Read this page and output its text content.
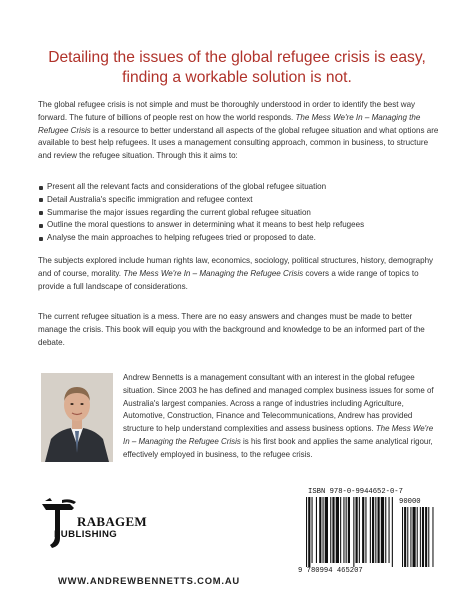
Detailing the issues of the global refugee crisis is easy,
finding a workable solution is not.

The global refugee crisis is not simple and must be thoroughly understood in order to identify the best way forward. The future of billions of people rest on how the world responds. The Mess We're In – Managing the Refugee Crisis is a resource to better understand all aspects of the global refugee situation and what options are available to best help refugees. It uses a management consulting approach, common in business, to structure and review the refugee situation. Through this it aims to:

Present all the relevant facts and considerations of the global refugee situation
Detail Australia's specific immigration and refugee context
Summarise the major issues regarding the current global refugee situation
Outline the moral questions to answer in determining what it means to best help refugees
Analyse the main approaches to helping refugees tried or proposed to date.

The subjects explored include human rights law, economics, sociology, political structures, history, demography and of course, morality. The Mess We're In – Managing the Refugee Crisis covers a wide range of topics to provide a full landscape of considerations.

The current refugee situation is a mess. There are no easy answers and changes must be made to better manage the crisis. This book will equip you with the background and knowledge to be an informed part of the debate.

Andrew Bennetts is a management consultant with an interest in the global refugee situation. Since 2003 he has defined and managed complex business issues for some of Australia's largest companies. Across a range of industries including Agriculture, Automotive, Construction, Finance and Telecommunications, Andrew has provided structure to help understand complexities and assess business options. The Mess We're In – Managing the Refugee Crisis is his first book and applies the same analytical rigour, effectively employed in business, to the refugee crisis.

RABAGEM
PUBLISHING
WWW.ANDREWBENNETTS.COM.AU
ISBN 978-0-9944652-0-7
90000
9 780994 465207
